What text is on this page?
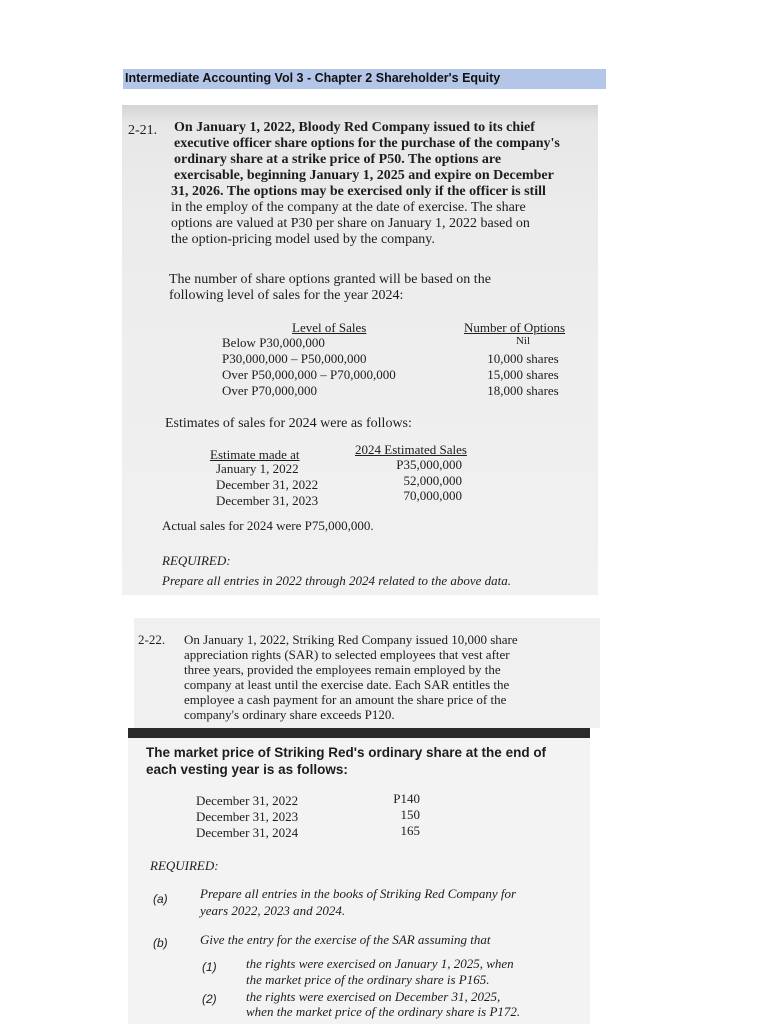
Intermediate Accounting Vol 3 - Chapter 2 Shareholder's Equity
2-21. On January 1, 2022, Bloody Red Company issued to its chief
executive officer share options for the purchase of the company's
ordinary share at a strike price of P50. The options are
exercisable, beginning January 1, 2025 and expire on December
31, 2026. The options may be exercised only if the officer is still
in the employ of the company at the date of exercise. The share
options are valued at P30 per share on January 1, 2022 based on
the option-pricing model used by the company.
The number of share options granted will be based on the
following level of sales for the year 2024:
Level of Sales	Number of Options
Below P30,000,000
P30,000,000 – P50,000,000
Over P50,000,000 – P70,000,000
Over P70,000,000
Nil
10,000 shares
15,000 shares
18,000 shares
Estimates of sales for 2024 were as follows:
Estimate made at	2024 Estimated Sales
January 1, 2022
December 31, 2022
December 31, 2023
P35,000,000
52,000,000
70,000,000
Actual sales for 2024 were P75,000,000.
REQUIRED:
Prepare all entries in 2022 through 2024 related to the above data.
2-22. On January 1, 2022, Striking Red Company issued 10,000 share
appreciation rights (SAR) to selected employees that vest after
three years, provided the employees remain employed by the
company at least until the exercise date. Each SAR entitles the
employee a cash payment for an amount the share price of the
company's ordinary share exceeds P120.
The market price of Striking Red's ordinary share at the end of
each vesting year is as follows:
December 31, 2022
December 31, 2023
December 31, 2024
P140
150
165
REQUIRED:
(a) Prepare all entries in the books of Striking Red Company for
years 2022, 2023 and 2024.
(b) Give the entry for the exercise of the SAR assuming that
(1) the rights were exercised on January 1, 2025, when
the market price of the ordinary share is P165.
(2) the rights were exercised on December 31, 2025,
when the market price of the ordinary share is P172.
